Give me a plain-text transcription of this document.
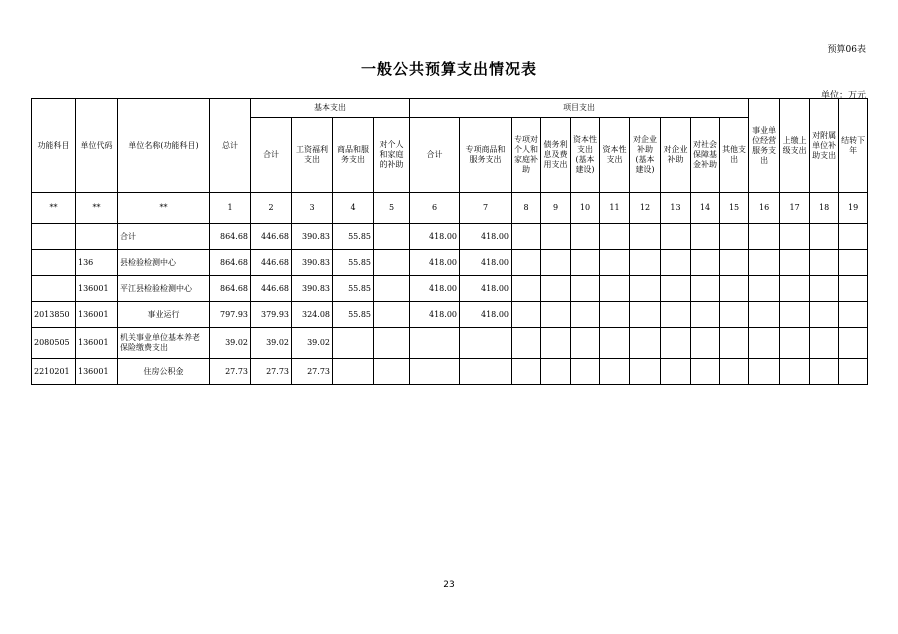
预算06表
一般公共预算支出情况表
单位：万元
功能科目	单位代码	单位名称(功能科目)	总计	基本支出				项目支出										事业单位经营服务支出	上缴上级支出	对附属单位补助支出	结转下年
				合计	工资福利支出	商品和服务支出	对个人和家庭的补助	合计	专项商品和服务支出	专项对个人和家庭补助	债务利息及费用支出	资本性支出(基本建设)	资本性支出	对企业补助(基本建设)	对企业补助	对社会保障基金补助	其他支出				
**	**	**	1	2	3	4	5	6	7	8	9	10	11	12	13	14	15	16	17	18	19
		合计	864.68	446.68	390.83	55.85		418.00	418.00												
	136	县检验检测中心	864.68	446.68	390.83	55.85		418.00	418.00												
	136001	平江县检验检测中心	864.68	446.68	390.83	55.85		418.00	418.00												
2013850	136001	事业运行	797.93	379.93	324.08	55.85		418.00	418.00												
2080505	136001	机关事业单位基本养老保险缴费支出	39.02	39.02	39.02																
2210201	136001	住房公积金	27.73	27.73	27.73																
23
